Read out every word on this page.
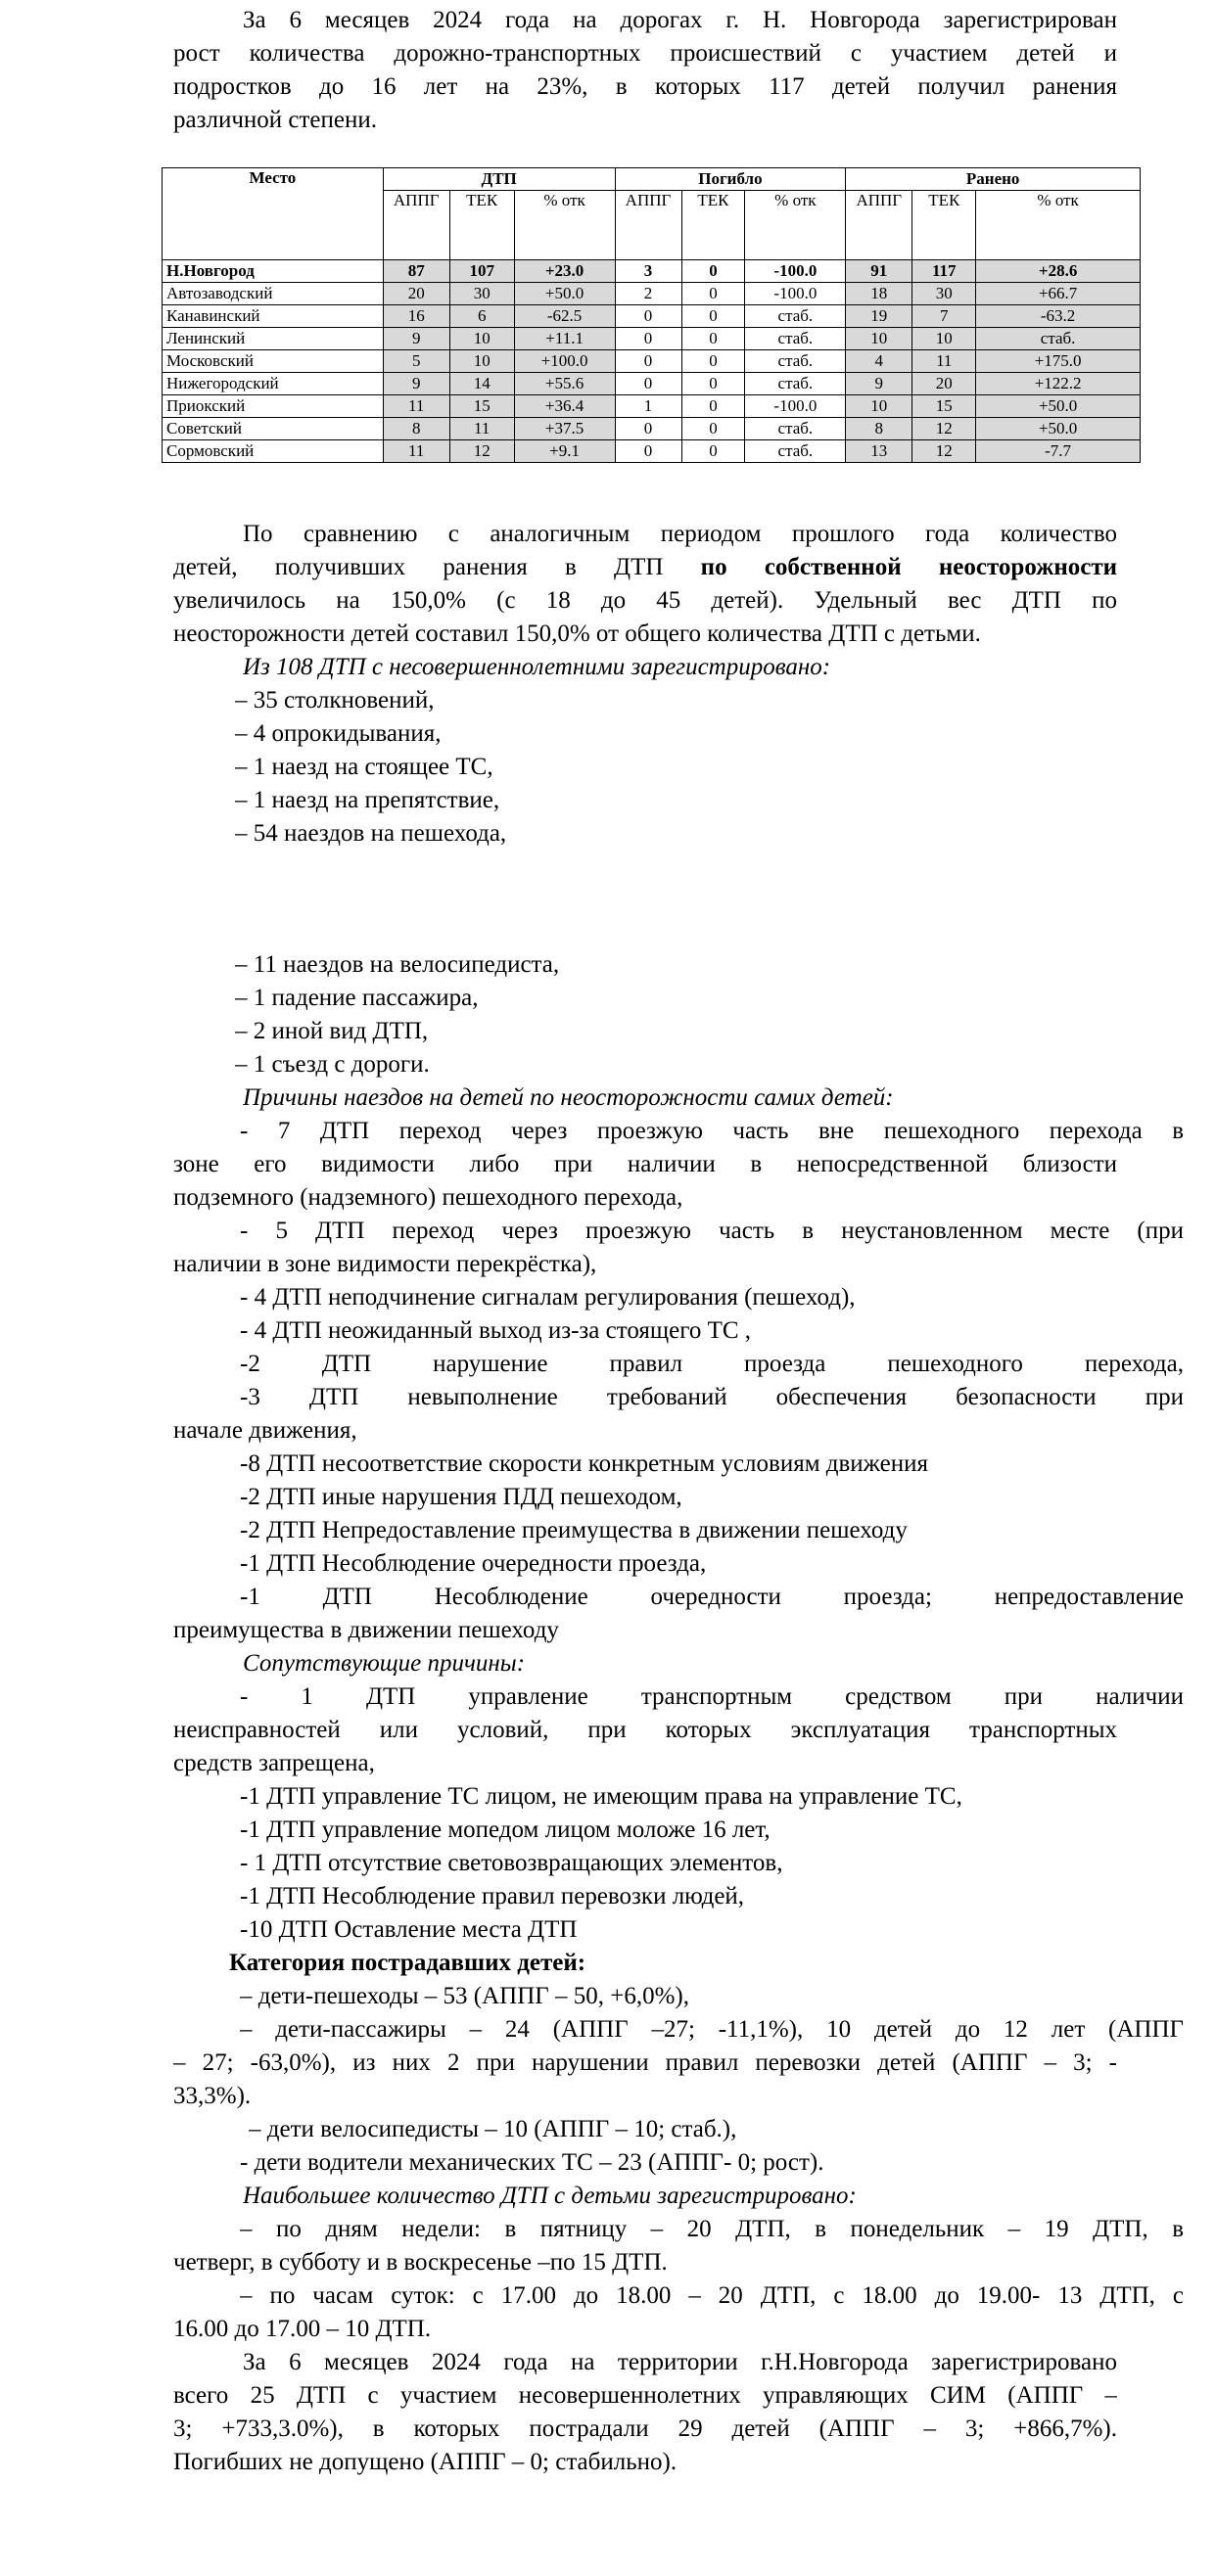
За 6 месяцев 2024 года на дорогах г. Н. Новгорода зарегистрирован
рост количества дорожно-транспортных происшествий с участием детей и
подростков до 16 лет на 23%, в которых 117 детей получил ранения
различной степени.
Место	ДТП			Погибло			Ранено		
	АППГ	ТЕК	% отк	АППГ	ТЕК	% отк	АППГ	ТЕК	% отк
Н.Новгород	87	107	+23.0	3	0	-100.0	91	117	+28.6
Автозаводский	20	30	+50.0	2	0	-100.0	18	30	+66.7
Канавинский	16	6	-62.5	0	0	стаб.	19	7	-63.2
Ленинский	9	10	+11.1	0	0	стаб.	10	10	стаб.
Московский	5	10	+100.0	0	0	стаб.	4	11	+175.0
Нижегородский	9	14	+55.6	0	0	стаб.	9	20	+122.2
Приокский	11	15	+36.4	1	0	-100.0	10	15	+50.0
Советский	8	11	+37.5	0	0	стаб.	8	12	+50.0
Сормовский	11	12	+9.1	0	0	стаб.	13	12	-7.7
По сравнению с аналогичным периодом прошлого года количество
детей, получивших ранения в ДТП по собственной неосторожности
увеличилось на 150,0% (с 18 до 45 детей). Удельный вес ДТП по
неосторожности детей составил 150,0% от общего количества ДТП с детьми.
Из 108 ДТП с несовершеннолетними зарегистрировано:
– 35 столкновений,
– 4 опрокидывания,
– 1 наезд на стоящее ТС,
– 1 наезд на препятствие,
– 54 наездов на пешехода,
– 11 наездов на велосипедиста,
– 1 падение пассажира,
– 2 иной вид ДТП,
– 1 съезд с дороги.
Причины наездов на детей по неосторожности самих детей:
- 7 ДТП переход через проезжую часть вне пешеходного перехода в
зоне его видимости либо при наличии в непосредственной близости
подземного (надземного) пешеходного перехода,
- 5 ДТП переход через проезжую часть в неустановленном месте (при
наличии в зоне видимости перекрёстка),
- 4 ДТП неподчинение сигналам регулирования (пешеход),
- 4 ДТП неожиданный выход из-за стоящего ТС ,
-2 ДТП нарушение правил проезда пешеходного перехода,
-3 ДТП невыполнение требований обеспечения безопасности при
начале движения,
-8 ДТП несоответствие скорости конкретным условиям движения
-2 ДТП иные нарушения ПДД пешеходом,
-2 ДТП Непредоставление преимущества в движении пешеходу
-1 ДТП Несоблюдение очередности проезда,
-1 ДТП Несоблюдение очередности проезда; непредоставление
преимущества в движении пешеходу
Сопутствующие причины:
- 1 ДТП управление транспортным средством при наличии
неисправностей или условий, при которых эксплуатация транспортных
средств запрещена,
-1 ДТП управление ТС лицом, не имеющим права на управление ТС,
-1 ДТП управление мопедом лицом моложе 16 лет,
- 1 ДТП отсутствие световозвращающих элементов,
-1 ДТП Несоблюдение правил перевозки людей,
-10 ДТП Оставление места ДТП
Категория пострадавших детей:
– дети-пешеходы – 53 (АППГ – 50, +6,0%),
– дети-пассажиры – 24 (АППГ –27; -11,1%), 10 детей до 12 лет (АППГ
– 27; -63,0%), из них 2 при нарушении правил перевозки детей (АППГ – 3; -
33,3%).
– дети велосипедисты – 10 (АППГ – 10; стаб.),
- дети водители механических ТС – 23 (АППГ- 0; рост).
Наибольшее количество ДТП с детьми зарегистрировано:
– по дням недели: в пятницу – 20 ДТП, в понедельник – 19 ДТП, в
четверг, в субботу и в воскресенье –по 15 ДТП.
– по часам суток: с 17.00 до 18.00 – 20 ДТП, с 18.00 до 19.00- 13 ДТП, с
16.00 до 17.00 – 10 ДТП.
За 6 месяцев 2024 года на территории г.Н.Новгорода зарегистрировано
всего 25 ДТП с участием несовершеннолетних управляющих СИМ (АППГ –
3; +733,3.0%), в которых пострадали 29 детей (АППГ – 3; +866,7%).
Погибших не допущено (АППГ – 0; стабильно).
